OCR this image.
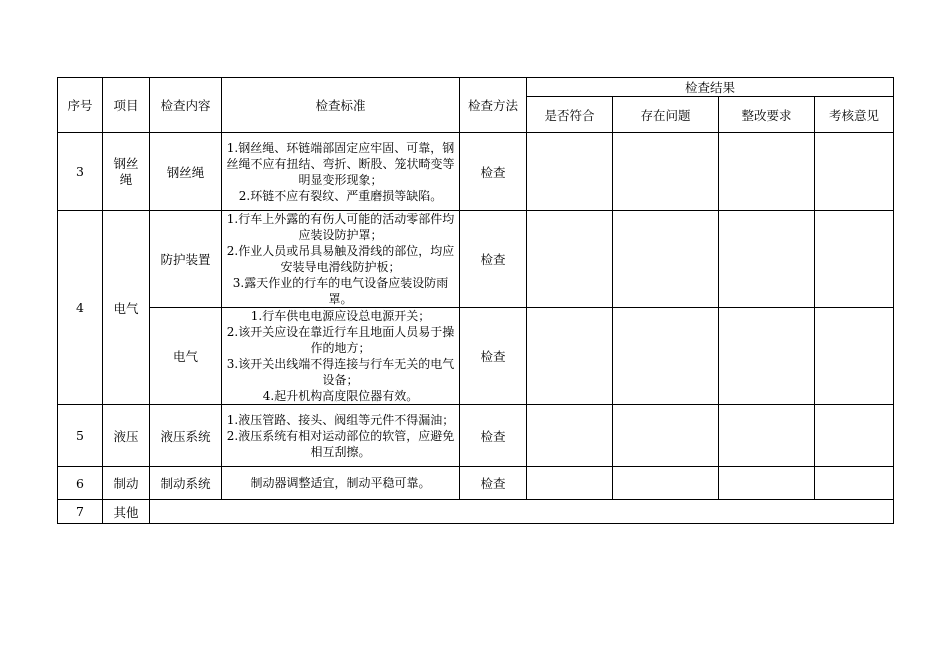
序号	项目	检查内容	检查标准	检查方法	检查结果			
					是否符合	存在问题	整改要求	考核意见
3	钢丝绳	钢丝绳	1.钢丝绳、环链端部固定应牢固、可靠，钢丝绳不应有扭结、弯折、断股、笼状畸变等明显变形现象；
2.环链不应有裂纹、严重磨损等缺陷。	检查				
4	电气	防护装置	1.行车上外露的有伤人可能的活动零部件均应装设防护罩；
2.作业人员或吊具易触及滑线的部位，均应安装导电滑线防护板；
3.露天作业的行车的电气设备应装设防雨罩。	检查				
		电气	1.行车供电电源应设总电源开关；
2.该开关应设在靠近行车且地面人员易于操作的地方；
3.该开关出线端不得连接与行车无关的电气设备；
4.起升机构高度限位器有效。	检查				
5	液压	液压系统	1.液压管路、接头、阀组等元件不得漏油；
2.液压系统有相对运动部位的软管，应避免相互刮擦。	检查				
6	制动	制动系统	制动器调整适宜，制动平稳可靠。	检查				
7	其他							
